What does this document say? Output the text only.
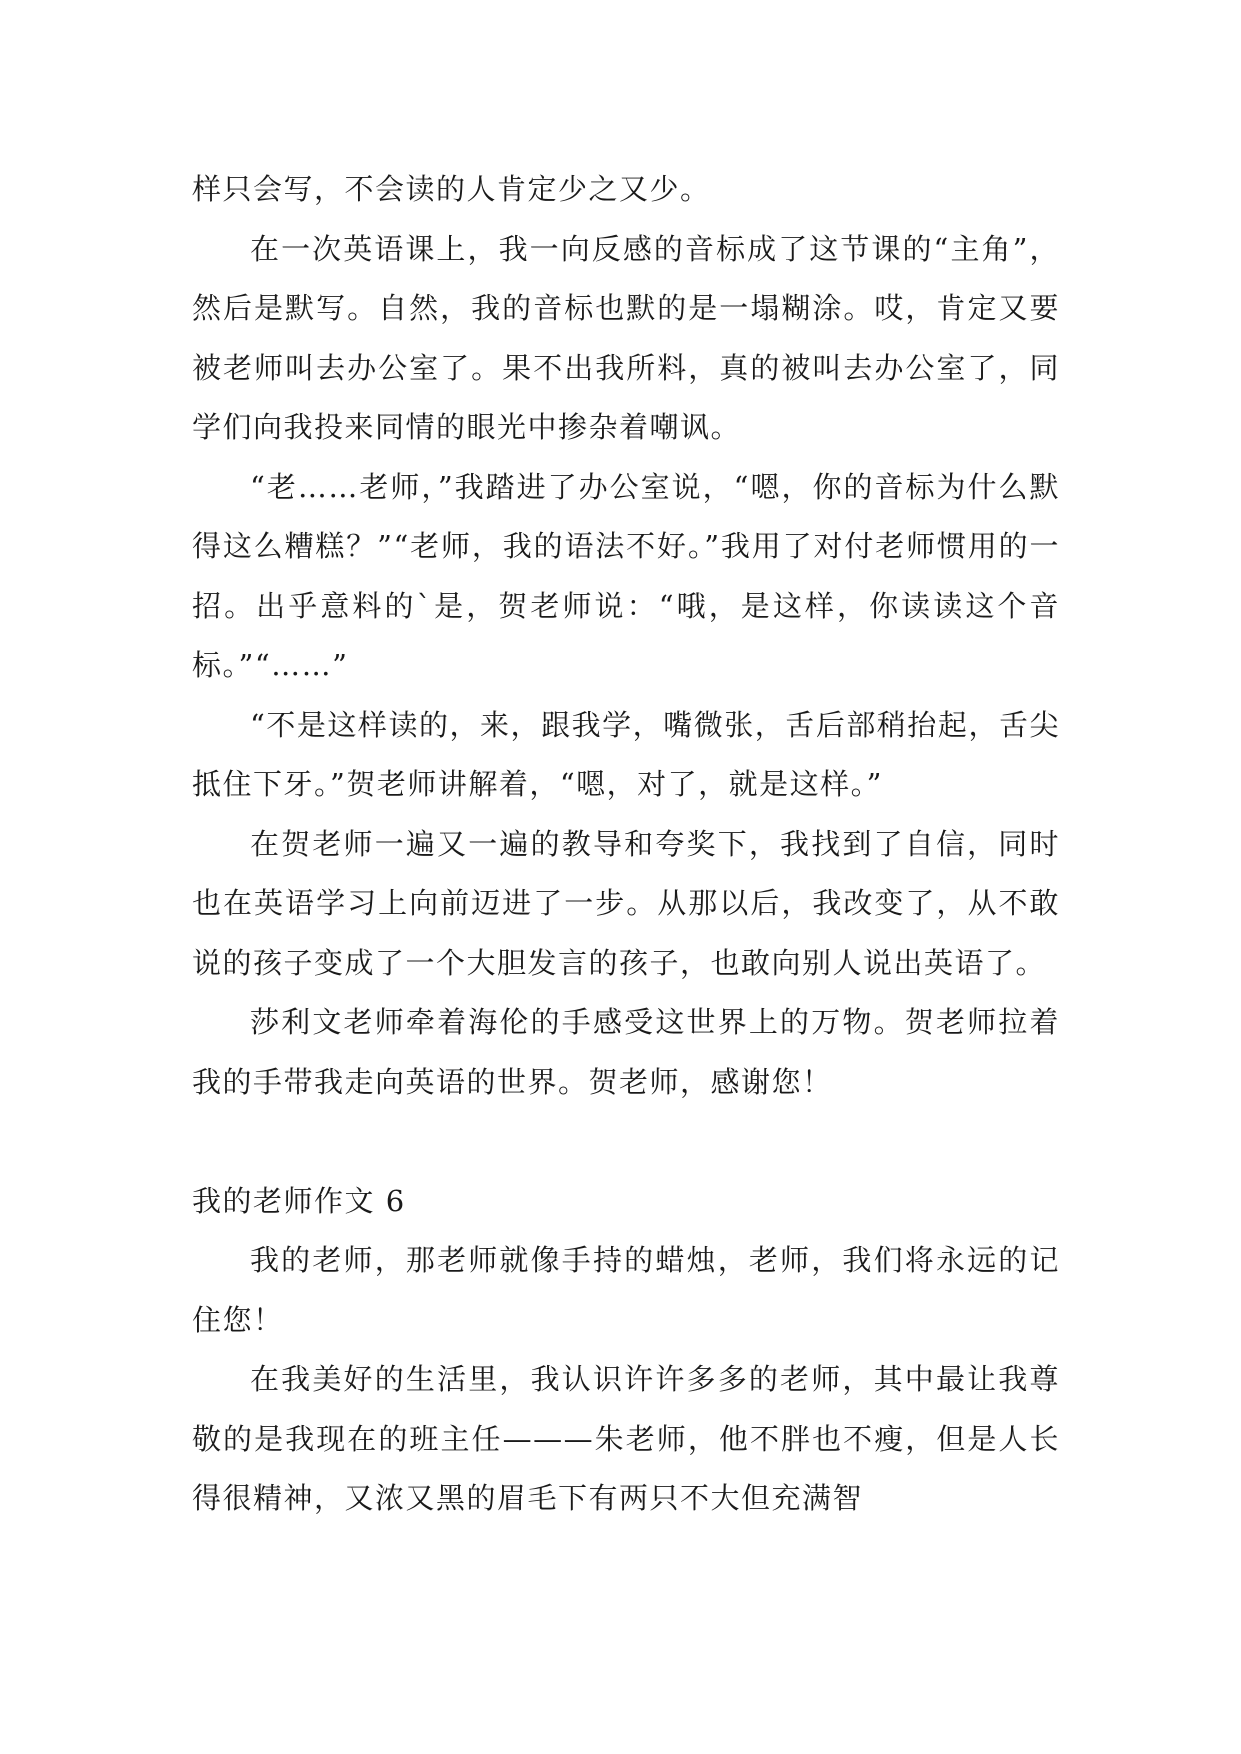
样只会写，不会读的人肯定少之又少。

在一次英语课上，我一向反感的音标成了这节课的“主角”，然后是默写。自然，我的音标也默的是一塌糊涂。哎，肯定又要被老师叫去办公室了。果不出我所料，真的被叫去办公室了，同学们向我投来同情的眼光中掺杂着嘲讽。

“老……老师，”我踏进了办公室说，“嗯，你的音标为什么默得这么糟糕？”“老师，我的语法不好。”我用了对付老师惯用的一招。出乎意料的`是，贺老师说：“哦，是这样，你读读这个音标。”“……”

“不是这样读的，来，跟我学，嘴微张，舌后部稍抬起，舌尖抵住下牙。”贺老师讲解着，“嗯，对了，就是这样。”

在贺老师一遍又一遍的教导和夸奖下，我找到了自信，同时也在英语学习上向前迈进了一步。从那以后，我改变了，从不敢说的孩子变成了一个大胆发言的孩子，也敢向别人说出英语了。

莎利文老师牵着海伦的手感受这世界上的万物。贺老师拉着我的手带我走向英语的世界。贺老师，感谢您！

我的老师作文 6

我的老师，那老师就像手持的蜡烛，老师，我们将永远的记住您！

在我美好的生活里，我认识许许多多的老师，其中最让我尊敬的是我现在的班主任———朱老师，他不胖也不瘦，但是人长得很精神，又浓又黑的眉毛下有两只不大但充满智
